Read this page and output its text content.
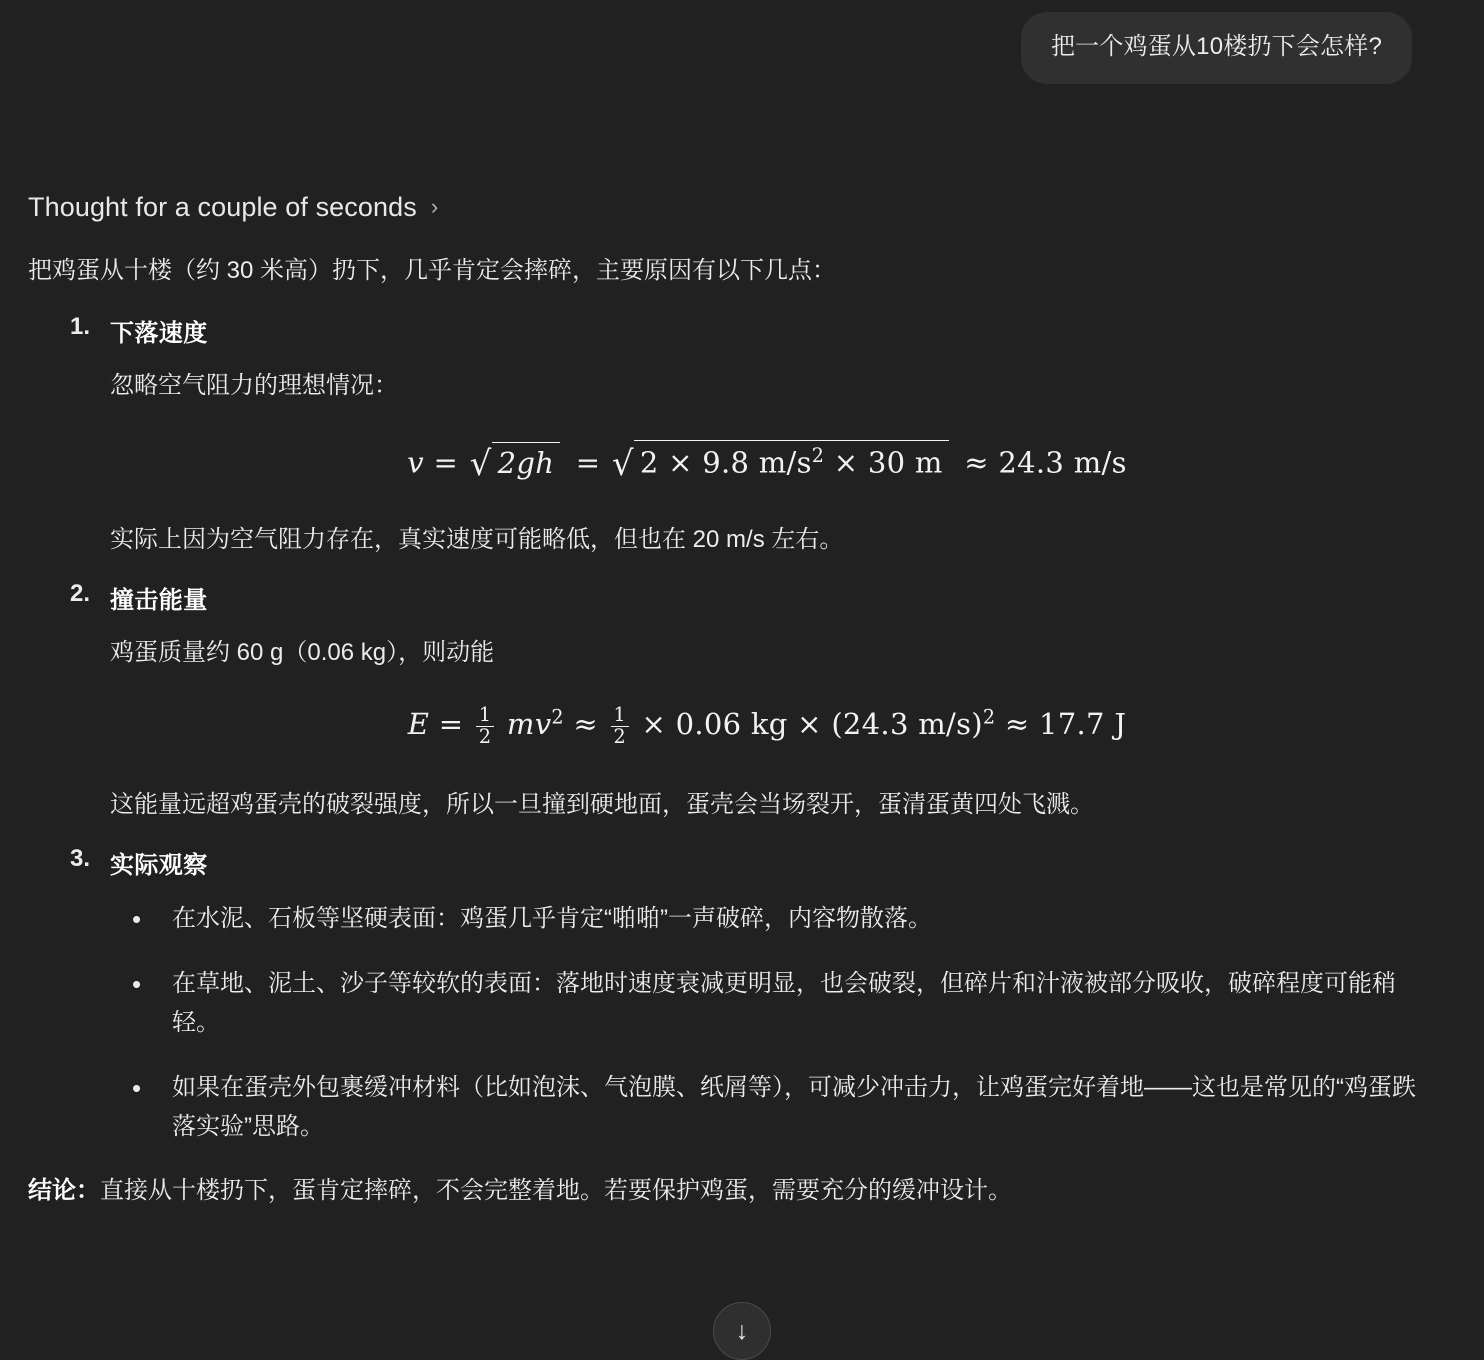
把一个鸡蛋从10楼扔下会怎样?
Thought for a couple of seconds ›

把鸡蛋从十楼（约 30 米高）扔下，几乎肯定会摔碎，主要原因有以下几点：

下落速度

忽略空气阻力的理想情况：

v = √ 2gh = √ 2 × 9.8 $m/s^2 \times 30$ m ≈ 24.3 m/s

实际上因为空气阻力存在，真实速度可能略低，但也在 20 m/s 左右。

撞击能量

鸡蛋质量约 60 g（0.06 kg），则动能

$E = \frac{1}{2} mv^2 \approx \frac{1}{2} \times 0.06$ kg × (24.3 m/s)$^2$ ≈ 17.7 J

这能量远超鸡蛋壳的破裂强度，所以一旦撞到硬地面，蛋壳会当场裂开，蛋清蛋黄四处飞溅。

实际观察
• 在水泥、石板等坚硬表面：鸡蛋几乎肯定“啪啪”一声破碎，内容物散落。
• 在草地、泥土、沙子等较软的表面：落地时速度衰减更明显，也会破裂，但碎片和汁液被部分吸收，破碎程度可能稍轻。
• 如果在蛋壳外包裹缓冲材料（比如泡沫、气泡膜、纸屑等），可减少冲击力，让鸡蛋完好着地——这也是常见的“鸡蛋跌落实验”思路。

结论：直接从十楼扔下，蛋肯定摔碎，不会完整着地。若要保护鸡蛋，需要充分的缓冲设计。

↓
